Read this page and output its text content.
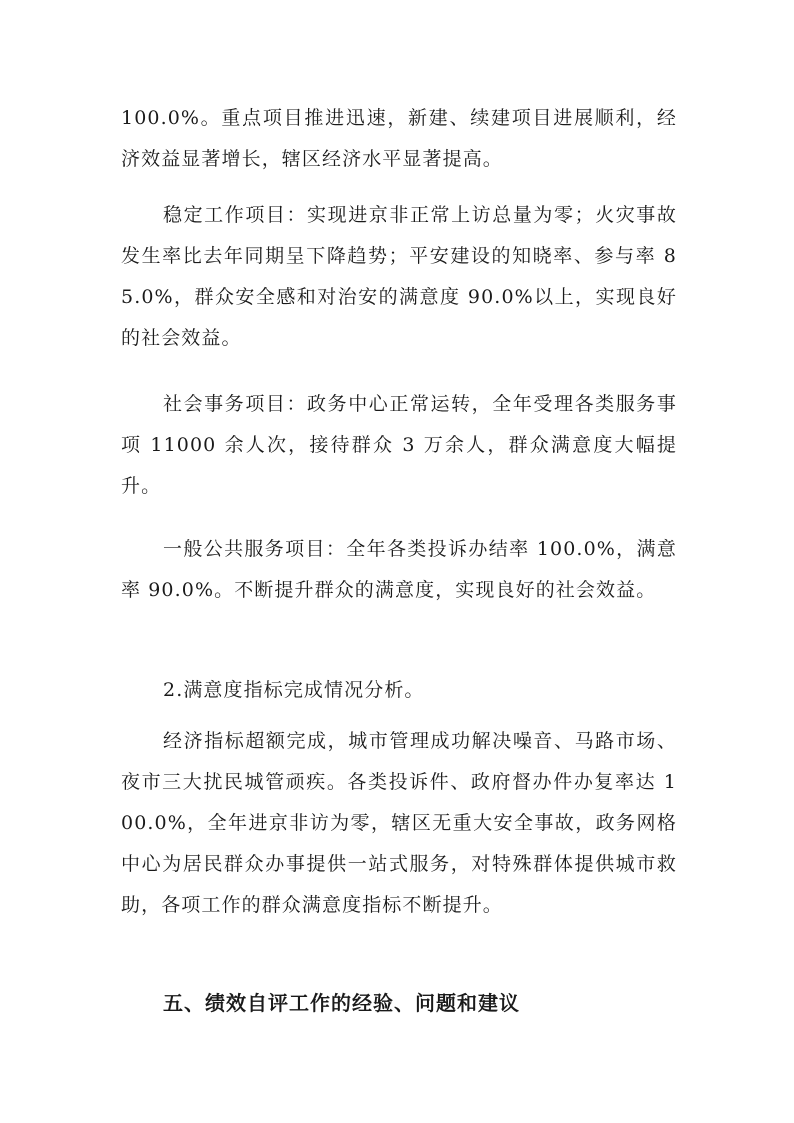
100.0%。重点项目推进迅速，新建、续建项目进展顺利，经济效益显著增长，辖区经济水平显著提高。

稳定工作项目：实现进京非正常上访总量为零；火灾事故发生率比去年同期呈下降趋势；平安建设的知晓率、参与率 85.0%，群众安全感和对治安的满意度 90.0%以上，实现良好的社会效益。

社会事务项目：政务中心正常运转，全年受理各类服务事项 11000 余人次，接待群众 3 万余人，群众满意度大幅提升。

一般公共服务项目：全年各类投诉办结率 100.0%，满意率 90.0%。不断提升群众的满意度，实现良好的社会效益。

2.满意度指标完成情况分析。

经济指标超额完成，城市管理成功解决噪音、马路市场、夜市三大扰民城管顽疾。各类投诉件、政府督办件办复率达 100.0%，全年进京非访为零，辖区无重大安全事故，政务网格中心为居民群众办事提供一站式服务，对特殊群体提供城市救助，各项工作的群众满意度指标不断提升。

五、绩效自评工作的经验、问题和建议
